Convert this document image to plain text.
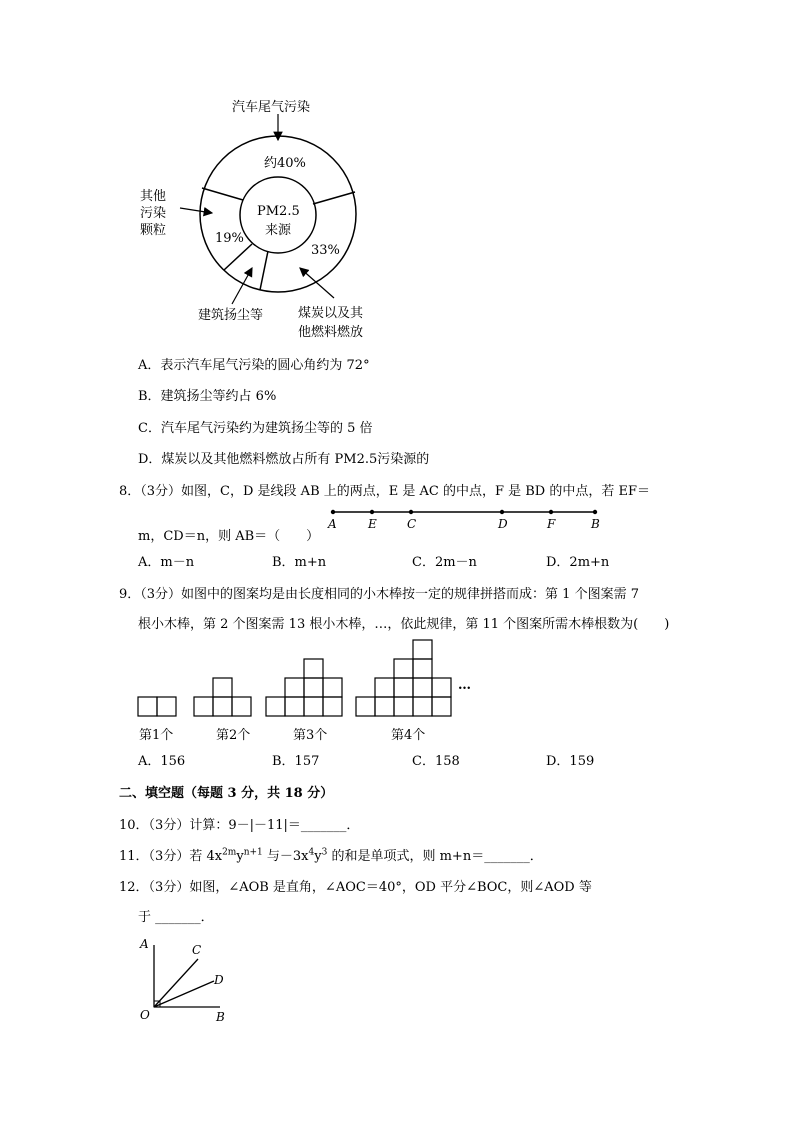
汽车尾气污染
约40%
PM2.5
来源
其他
污染
颗粒
19%
33%
建筑扬尘等	煤炭以及其
他燃料燃放
A．表示汽车尾气污染的圆心角约为 72°
B．建筑扬尘等约占 6%
C．汽车尾气污染约为建筑扬尘等的 5 倍
D．煤炭以及其他燃料燃放占所有 PM2.5污染源的
8．（3分）如图，C，D 是线段 AB 上的两点，E 是 AC 的中点，F 是 BD 的中点，若 EF＝
m，CD＝n，则 AB＝（　　）
A	E	C	D	F	B
A．m－n	B．m+n	C．2m－n	D．2m+n
9．（3分）如图中的图案均是由长度相同的小木棒按一定的规律拼搭而成：第 1 个图案需 7
根小木棒，第 2 个图案需 13 根小木棒，…，依此规律，第 11 个图案所需木棒根数为(　　)
…
第1个	第2个	第3个	第4个
A．156	B．157	C．158	D．159
二、填空题（每题 3 分，共 18 分）
10．（3分）计算：9－|－11|＝_______．
11．（3分）若 $4x^{2m}y^{n+1}$ 与$-3x^4y^3$ 的和是单项式，则 m+n＝_______．
12．（3分）如图，∠AOB 是直角，∠AOC＝40°，OD 平分∠BOC，则∠AOD 等
于 _______．
A	C
D
O	B
